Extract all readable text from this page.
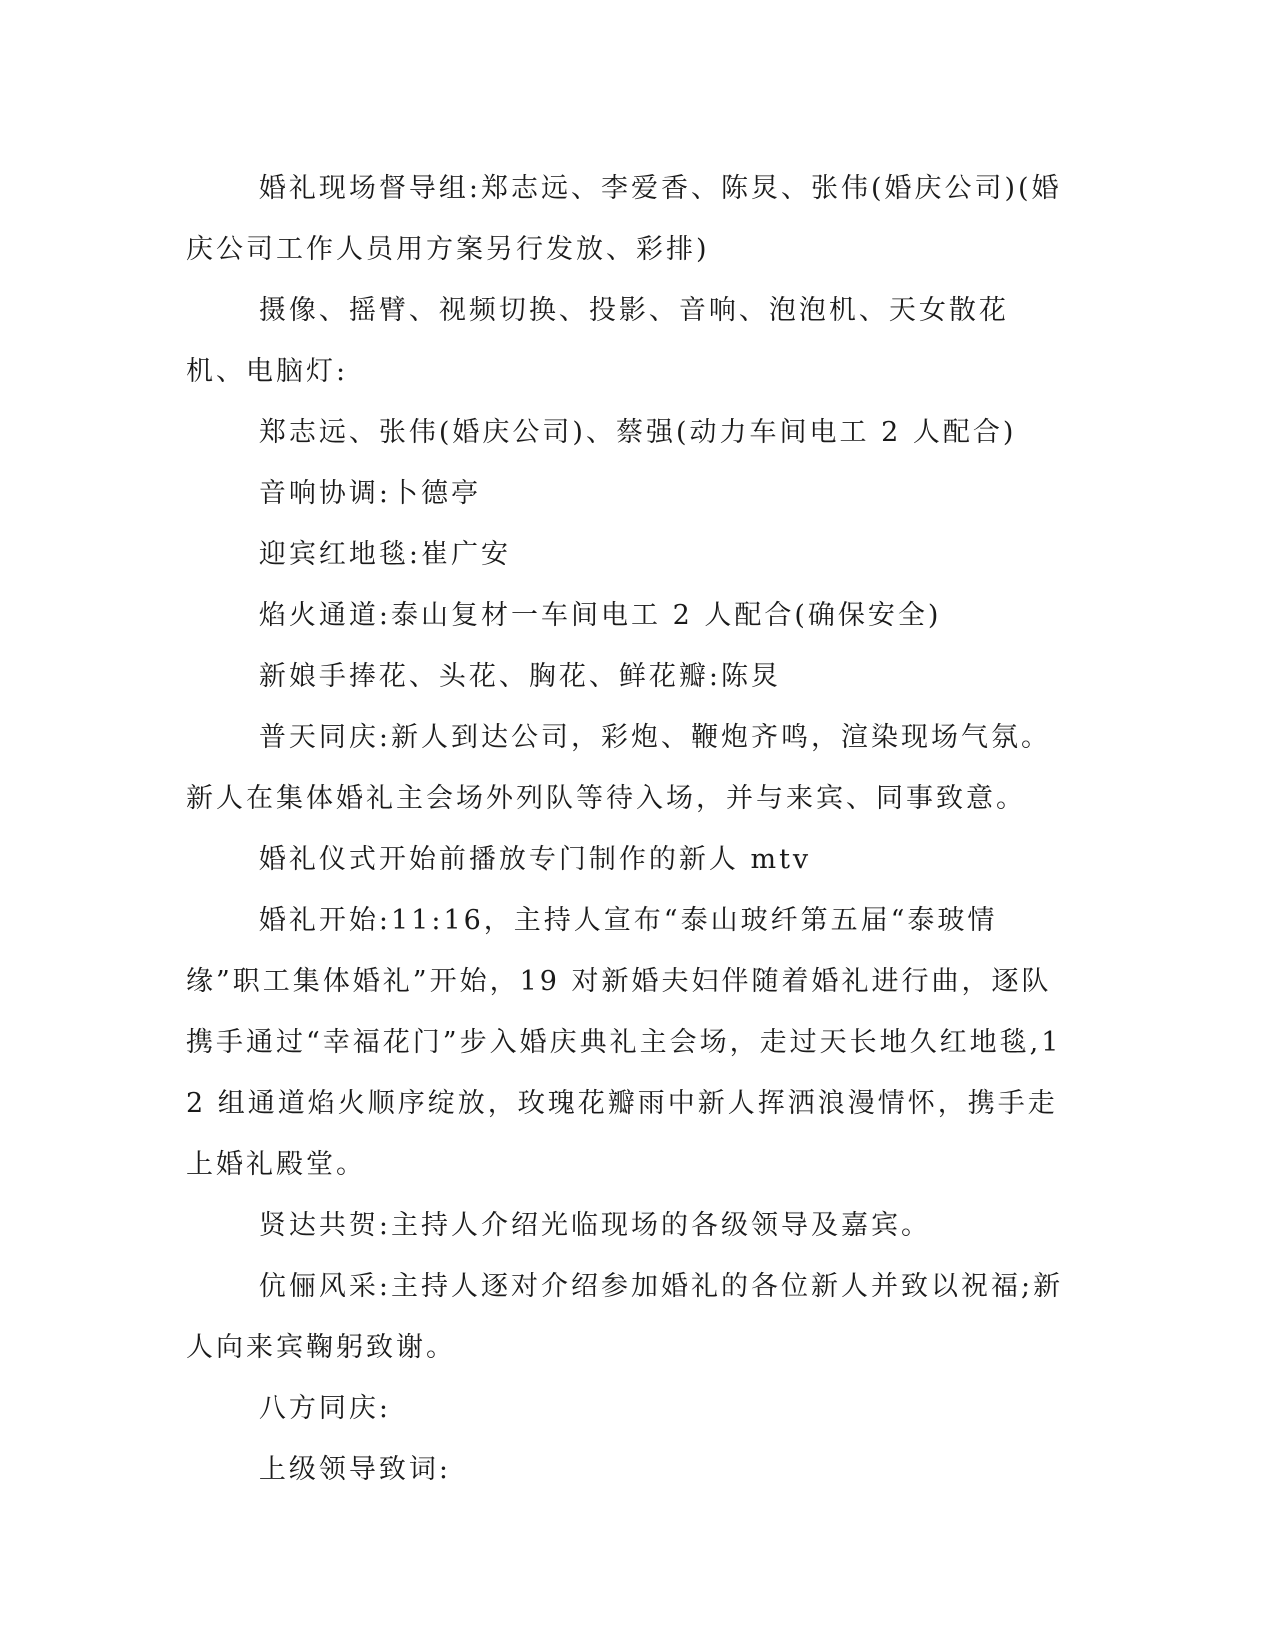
婚礼现场督导组:郑志远、李爱香、陈炅、张伟(婚庆公司)(婚庆公司工作人员用方案另行发放、彩排)

摄像、摇臂、视频切换、投影、音响、泡泡机、天女散花机、电脑灯:

郑志远、张伟(婚庆公司)、蔡强(动力车间电工 2 人配合)

音响协调:卜德亭

迎宾红地毯:崔广安

焰火通道:泰山复材一车间电工 2 人配合(确保安全)

新娘手捧花、头花、胸花、鲜花瓣:陈炅

普天同庆:新人到达公司，彩炮、鞭炮齐鸣，渲染现场气氛。新人在集体婚礼主会场外列队等待入场，并与来宾、同事致意。

婚礼仪式开始前播放专门制作的新人 mtv

婚礼开始:11:16，主持人宣布“泰山玻纤第五届“泰玻情缘”职工集体婚礼”开始，19 对新婚夫妇伴随着婚礼进行曲，逐队携手通过“幸福花门”步入婚庆典礼主会场，走过天长地久红地毯,12 组通道焰火顺序绽放，玫瑰花瓣雨中新人挥洒浪漫情怀，携手走上婚礼殿堂。

贤达共贺:主持人介绍光临现场的各级领导及嘉宾。

伉俪风采:主持人逐对介绍参加婚礼的各位新人并致以祝福;新人向来宾鞠躬致谢。

八方同庆:

上级领导致词:
